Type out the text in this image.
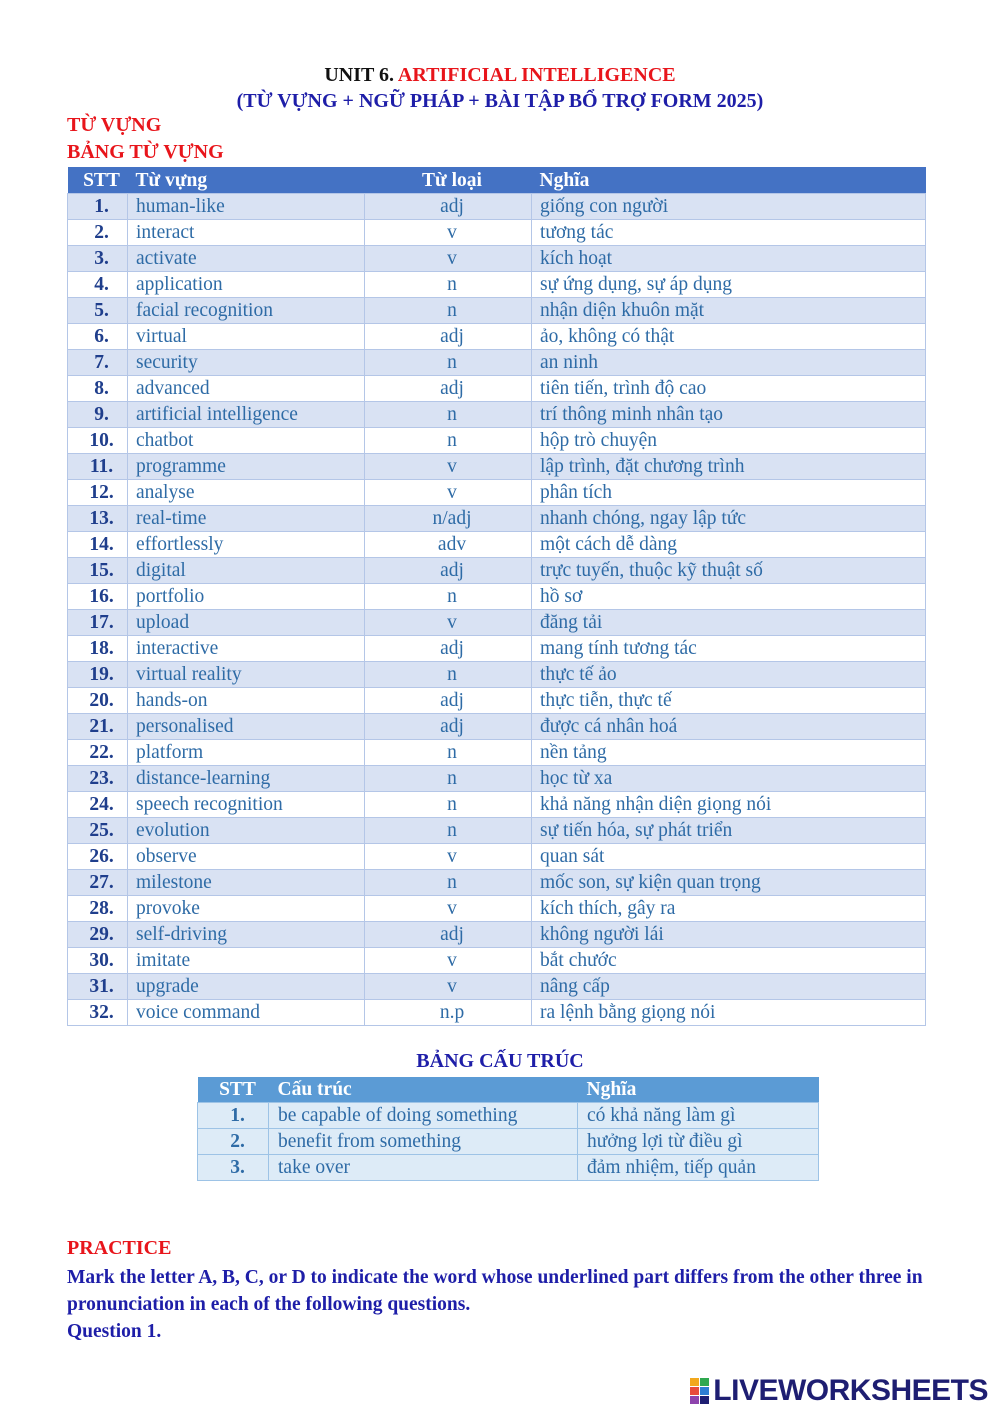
UNIT 6. ARTIFICIAL INTELLIGENCE
(TỪ VỰNG + NGỮ PHÁP + BÀI TẬP BỔ TRỢ FORM 2025)
TỪ VỰNG
BẢNG TỪ VỰNG
STT	Từ vựng	Từ loại	Nghĩa
1.	human-like	adj	giống con người
2.	interact	v	tương tác
3.	activate	v	kích hoạt
4.	application	n	sự ứng dụng, sự áp dụng
5.	facial recognition	n	nhận diện khuôn mặt
6.	virtual	adj	ảo, không có thật
7.	security	n	an ninh
8.	advanced	adj	tiên tiến, trình độ cao
9.	artificial intelligence	n	trí thông minh nhân tạo
10.	chatbot	n	hộp trò chuyện
11.	programme	v	lập trình, đặt chương trình
12.	analyse	v	phân tích
13.	real-time	n/adj	nhanh chóng, ngay lập tức
14.	effortlessly	adv	một cách dễ dàng
15.	digital	adj	trực tuyến, thuộc kỹ thuật số
16.	portfolio	n	hồ sơ
17.	upload	v	đăng tải
18.	interactive	adj	mang tính tương tác
19.	virtual reality	n	thực tế ảo
20.	hands-on	adj	thực tiễn, thực tế
21.	personalised	adj	được cá nhân hoá
22.	platform	n	nền tảng
23.	distance-learning	n	học từ xa
24.	speech recognition	n	khả năng nhận diện giọng nói
25.	evolution	n	sự tiến hóa, sự phát triển
26.	observe	v	quan sát
27.	milestone	n	mốc son, sự kiện quan trọng
28.	provoke	v	kích thích, gây ra
29.	self-driving	adj	không người lái
30.	imitate	v	bắt chước
31.	upgrade	v	nâng cấp
32.	voice command	n.p	ra lệnh bằng giọng nói
BẢNG CẤU TRÚC
STT	Cấu trúc	Nghĩa
1.	be capable of doing something	có khả năng làm gì
2.	benefit from something	hưởng lợi từ điều gì
3.	take over	đảm nhiệm, tiếp quản
PRACTICE
Mark the letter A, B, C, or D to indicate the word whose underlined part differs from the other three in pronunciation in each of the following questions.
Question 1.
LIVEWORKSHEETS
